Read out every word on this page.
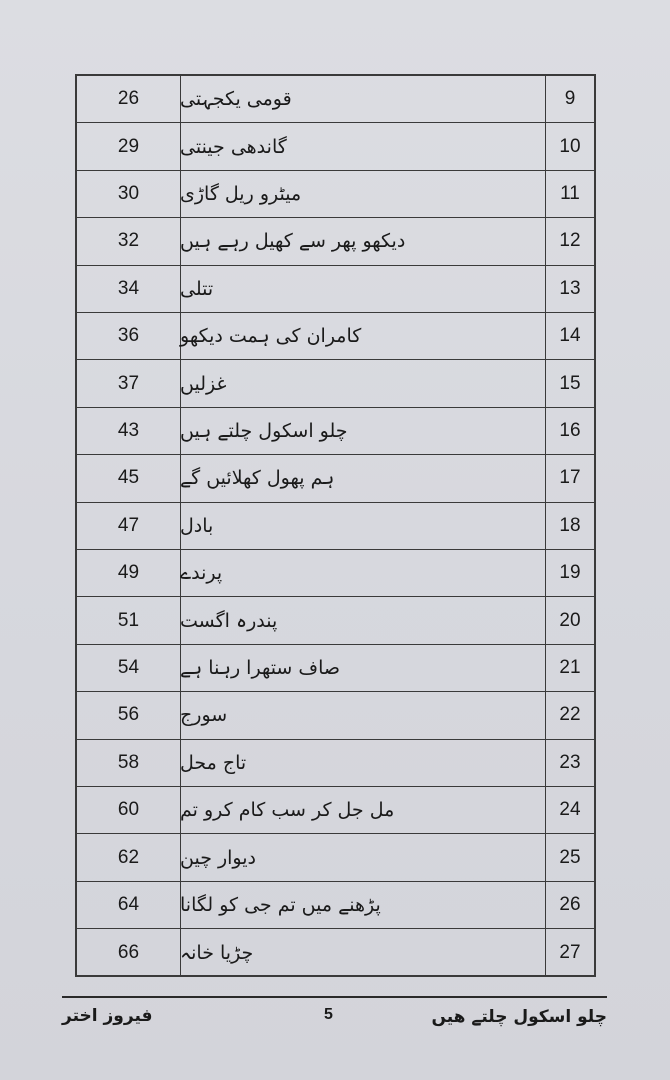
26	قومی یکجہتی	9
29	گاندھی جینتی	10
30	میٹرو ریل گاڑی	11
32	دیکھو پھر سے کھیل رہے ہیں	12
34	تتلی	13
36	کامران کی ہمت دیکھو	14
37	غزلیں	15
43	چلو اسکول چلتے ہیں	16
45	ہم پھول کھلائیں گے	17
47	بادل	18
49	پرندے	19
51	پندرہ اگست	20
54	صاف ستھرا رہنا ہے	21
56	سورج	22
58	تاج محل	23
60	مل جل کر سب کام کرو تم	24
62	دیوار چین	25
64	پڑھنے میں تم جی کو لگانا	26
66	چڑیا خانہ	27
فیروز اختر	5	چلو اسکول چلتے ھیں
